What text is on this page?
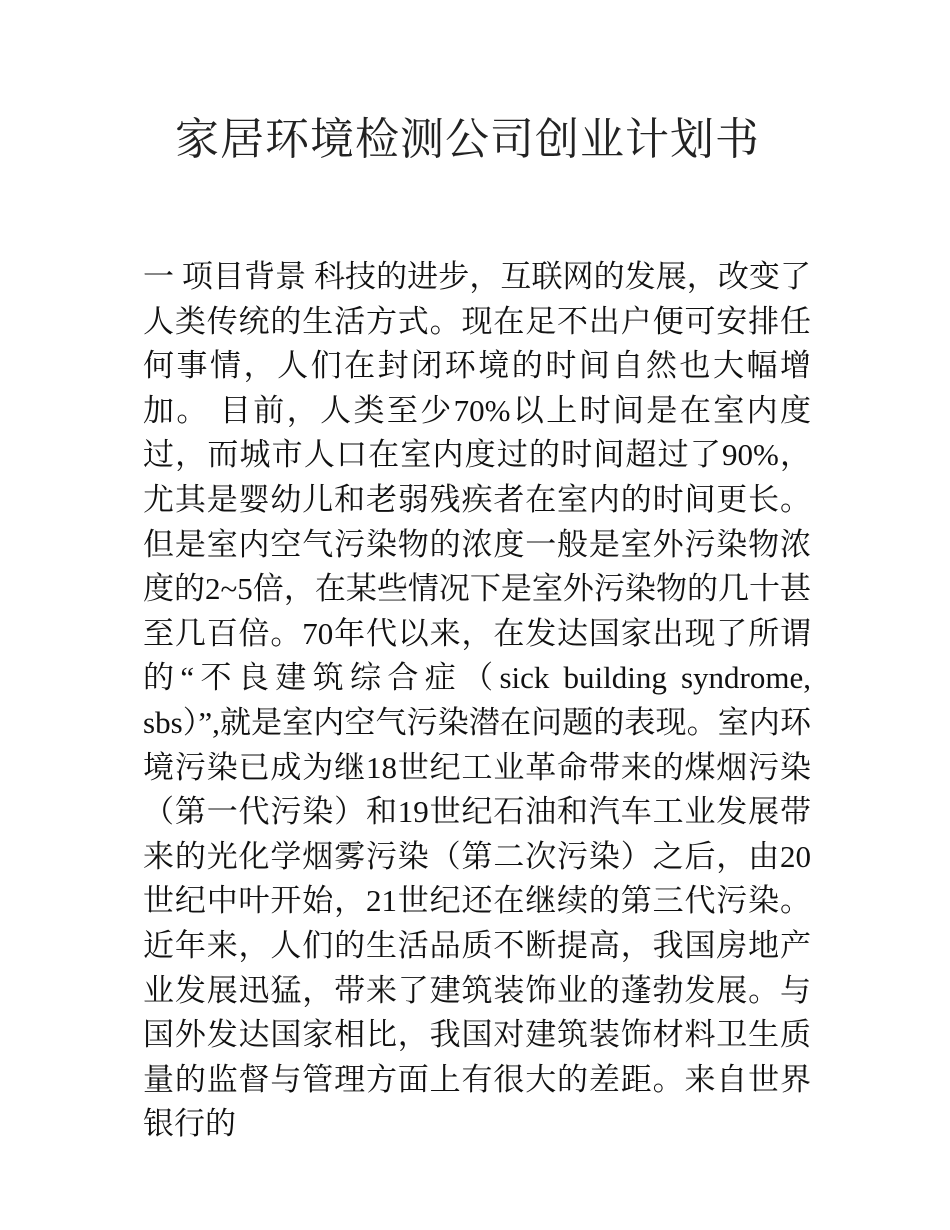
家居环境检测公司创业计划书

一 项目背景 科技的进步，互联网的发展，改变了人类传统的生活方式。现在足不出户便可安排任何事情，人们在封闭环境的时间自然也大幅增加。 目前，人类至少70%以上时间是在室内度过，而城市人口在室内度过的时间超过了90%，尤其是婴幼儿和老弱残疾者在室内的时间更长。但是室内空气污染物的浓度一般是室外污染物浓度的2~5倍，在某些情况下是室外污染物的几十甚至几百倍。70年代以来，在发达国家出现了所谓的“不良建筑综合症（sick building syndrome, sbs）”,就是室内空气污染潜在问题的表现。室内环境污染已成为继18世纪工业革命带来的煤烟污染（第一代污染）和19世纪石油和汽车工业发展带来的光化学烟雾污染（第二次污染）之后，由20世纪中叶开始，21世纪还在继续的第三代污染。 近年来，人们的生活品质不断提高，我国房地产业发展迅猛，带来了建筑装饰业的蓬勃发展。与国外发达国家相比，我国对建筑装饰材料卫生质量的监督与管理方面上有很大的差距。来自世界银行的
